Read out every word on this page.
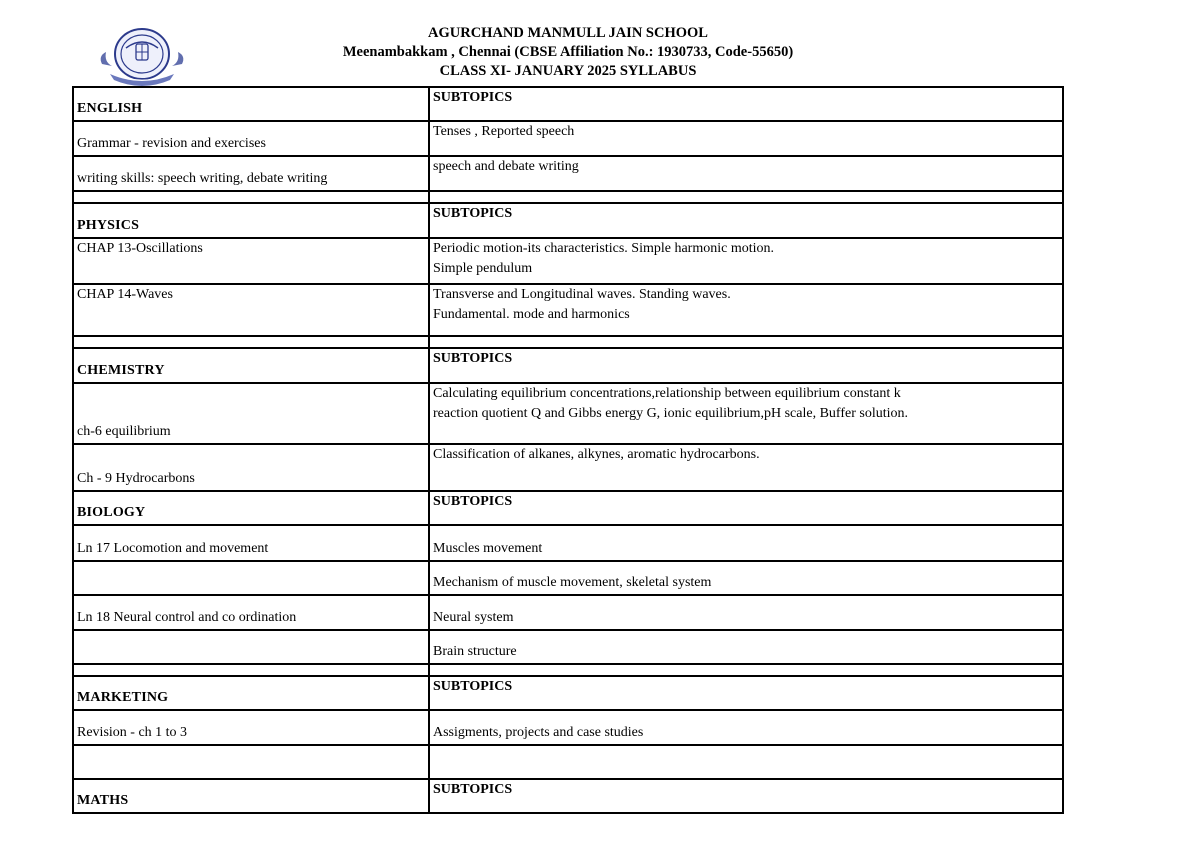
AGURCHAND MANMULL JAIN SCHOOL
Meenambakkam , Chennai (CBSE Affiliation No.: 1930733, Code-55650)
CLASS XI- JANUARY 2025 SYLLABUS
ENGLISH	SUBTOPICS
Grammar - revision and exercises	Tenses , Reported speech
writing skills: speech writing, debate writing	speech and debate writing

PHYSICS	SUBTOPICS
CHAP 13-Oscillations	Periodic motion-its characteristics. Simple harmonic motion.
Simple pendulum

CHAP 14-Waves	Transverse and Longitudinal waves. Standing waves.
Fundamental. mode and harmonics

CHEMISTRY	SUBTOPICS
ch-6 equilibrium	Calculating equilibrium concentrations,relationship between equilibrium constant k
reaction quotient Q and Gibbs energy G, ionic equilibrium,pH scale, Buffer solution.

Ch - 9 Hydrocarbons	Classification of alkanes, alkynes, aromatic hydrocarbons.
BIOLOGY	SUBTOPICS
Ln 17 Locomotion and movement	Muscles movement
	Mechanism of muscle movement, skeletal system
Ln 18 Neural control and co ordination	Neural system
	Brain structure

MARKETING	SUBTOPICS
Revision - ch 1 to 3	Assigments, projects and case studies

MATHS	SUBTOPICS
